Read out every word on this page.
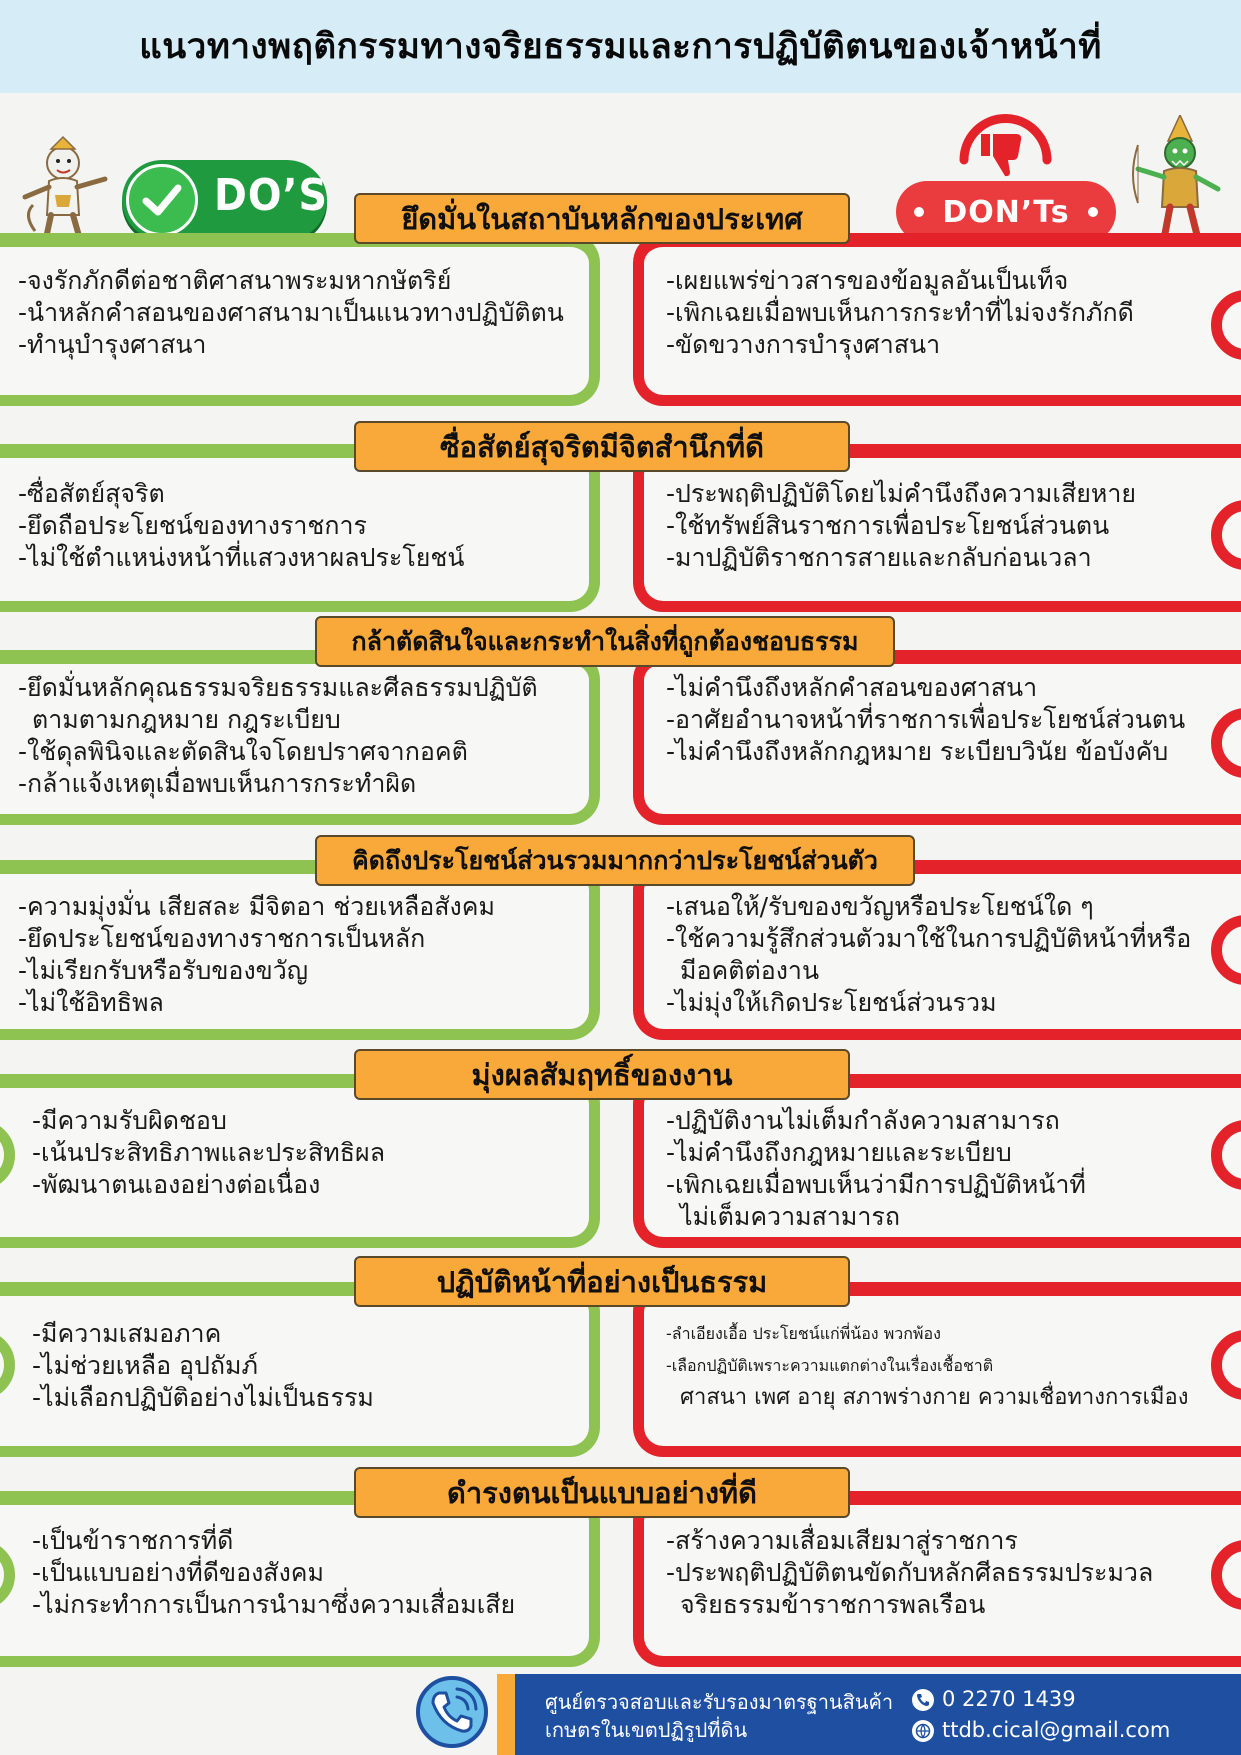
แนวทางพฤติกรรมทางจริยธรรมและการปฏิบัติตนของเจ้าหน้าที่
DO’S	DON’Ts
-จงรักภักดีต่อชาติศาสนาพระมหากษัตริย์
-นำหลักคำสอนของศาสนามาเป็นแนวทางปฏิบัติตน
-ทำนุบำรุงศาสนา
-เผยแพร่ข่าวสารของข้อมูลอันเป็นเท็จ
-เพิกเฉยเมื่อพบเห็นการกระทำที่ไม่จงรักภักดี
-ขัดขวางการบำรุงศาสนา
ยึดมั่นในสถาบันหลักของประเทศ
-ซื่อสัตย์สุจริต
-ยึดถือประโยชน์ของทางราชการ
-ไม่ใช้ตำแหน่งหน้าที่แสวงหาผลประโยชน์
-ประพฤติปฏิบัติโดยไม่คำนึงถึงความเสียหาย
-ใช้ทรัพย์สินราชการเพื่อประโยชน์ส่วนตน
-มาปฏิบัติราชการสายและกลับก่อนเวลา
ซื่อสัตย์สุจริตมีจิตสำนึกที่ดี
-ยึดมั่นหลักคุณธรรมจริยธรรมและศีลธรรมปฏิบัติ
ตามตามกฎหมาย กฎระเบียบ
-ใช้ดุลพินิจและตัดสินใจโดยปราศจากอคติ
-กล้าแจ้งเหตุเมื่อพบเห็นการกระทำผิด
-ไม่คำนึงถึงหลักคำสอนของศาสนา
-อาศัยอำนาจหน้าที่ราชการเพื่อประโยชน์ส่วนตน
-ไม่คำนึงถึงหลักกฎหมาย ระเบียบวินัย ข้อบังคับ
กล้าตัดสินใจและกระทำในสิ่งที่ถูกต้องชอบธรรม
-ความมุ่งมั่น เสียสละ มีจิตอา ช่วยเหลือสังคม
-ยึดประโยชน์ของทางราชการเป็นหลัก
-ไม่เรียกรับหรือรับของขวัญ
-ไม่ใช้อิทธิพล
-เสนอให้/รับของขวัญหรือประโยชน์ใด ๆ
-ใช้ความรู้สึกส่วนตัวมาใช้ในการปฏิบัติหน้าที่หรือ
มีอคติต่องาน
-ไม่มุ่งให้เกิดประโยชน์ส่วนรวม
คิดถึงประโยชน์ส่วนรวมมากกว่าประโยชน์ส่วนตัว
-มีความรับผิดชอบ
-เน้นประสิทธิภาพและประสิทธิผล
-พัฒนาตนเองอย่างต่อเนื่อง
-ปฏิบัติงานไม่เต็มกำลังความสามารถ
-ไม่คำนึงถึงกฎหมายและระเบียบ
-เพิกเฉยเมื่อพบเห็นว่ามีการปฏิบัติหน้าที่
ไม่เต็มความสามารถ
มุ่งผลสัมฤทธิ์ของงาน
-มีความเสมอภาค
-ไม่ช่วยเหลือ อุปถัมภ์
-ไม่เลือกปฏิบัติอย่างไม่เป็นธรรม
-ลำเอียงเอื้อ ประโยชน์แก่พี่น้อง พวกพ้อง
-เลือกปฏิบัติเพราะความแตกต่างในเรื่องเชื้อชาติ
ศาสนา เพศ อายุ สภาพร่างกาย ความเชื่อทางการเมือง
ปฏิบัติหน้าที่อย่างเป็นธรรม
-เป็นข้าราชการที่ดี
-เป็นแบบอย่างที่ดีของสังคม
-ไม่กระทำการเป็นการนำมาซึ่งความเสื่อมเสีย
-สร้างความเสื่อมเสียมาสู่ราชการ
-ประพฤติปฏิบัติตนขัดกับหลักศีลธรรมประมวล
จริยธรรมข้าราชการพลเรือน
ดำรงตนเป็นแบบอย่างที่ดี
ศูนย์ตรวจสอบและรับรองมาตรฐานสินค้า
เกษตรในเขตปฏิรูปที่ดิน
0 2270 1439
ttdb.cical@gmail.com
